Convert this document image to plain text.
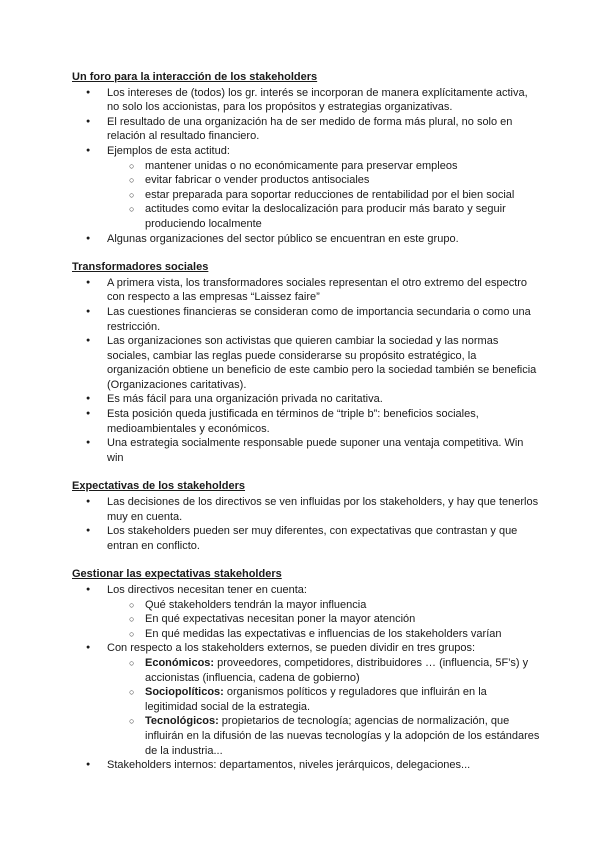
Un foro para la interacción de los stakeholders
● Los intereses de (todos) los gr. interés se incorporan de manera explícitamente activa, no solo los accionistas, para los propósitos y estrategias organizativas.
● El resultado de una organización ha de ser medido de forma más plural, no solo en relación al resultado financiero.
● Ejemplos de esta actitud:
○ mantener unidas o no económicamente para preservar empleos
○ evitar fabricar o vender productos antisociales
○ estar preparada para soportar reducciones de rentabilidad por el bien social
○ actitudes como evitar la deslocalización para producir más barato y seguir produciendo localmente
● Algunas organizaciones del sector público se encuentran en este grupo.
Transformadores sociales
● A primera vista, los transformadores sociales representan el otro extremo del espectro con respecto a las empresas “Laissez faire”
● Las cuestiones financieras se consideran como de importancia secundaria o como una restricción.
● Las organizaciones son activistas que quieren cambiar la sociedad y las normas sociales, cambiar las reglas puede considerarse su propósito estratégico, la organización obtiene un beneficio de este cambio pero la sociedad también se beneficia (Organizaciones caritativas).
● Es más fácil para una organización privada no caritativa.
● Esta posición queda justificada en términos de “triple b”: beneficios sociales, medioambientales y económicos.
● Una estrategia socialmente responsable puede suponer una ventaja competitiva. Win win
Expectativas de los stakeholders
● Las decisiones de los directivos se ven influidas por los stakeholders, y hay que tenerlos muy en cuenta.
● Los stakeholders pueden ser muy diferentes, con expectativas que contrastan y que entran en conflicto.
Gestionar las expectativas stakeholders
● Los directivos necesitan tener en cuenta:
○ Qué stakeholders tendrán la mayor influencia
○ En qué expectativas necesitan poner la mayor atención
○ En qué medidas las expectativas e influencias de los stakeholders varían
● Con respecto a los stakeholders externos, se pueden dividir en tres grupos:
○ Económicos: proveedores, competidores, distribuidores … (influencia, 5F’s) y accionistas (influencia, cadena de gobierno)
○ Sociopolíticos: organismos políticos y reguladores que influirán en la legitimidad social de la estrategia.
○ Tecnológicos: propietarios de tecnología; agencias de normalización, que influirán en la difusión de las nuevas tecnologías y la adopción de los estándares de la industria...
● Stakeholders internos: departamentos, niveles jerárquicos, delegaciones...
